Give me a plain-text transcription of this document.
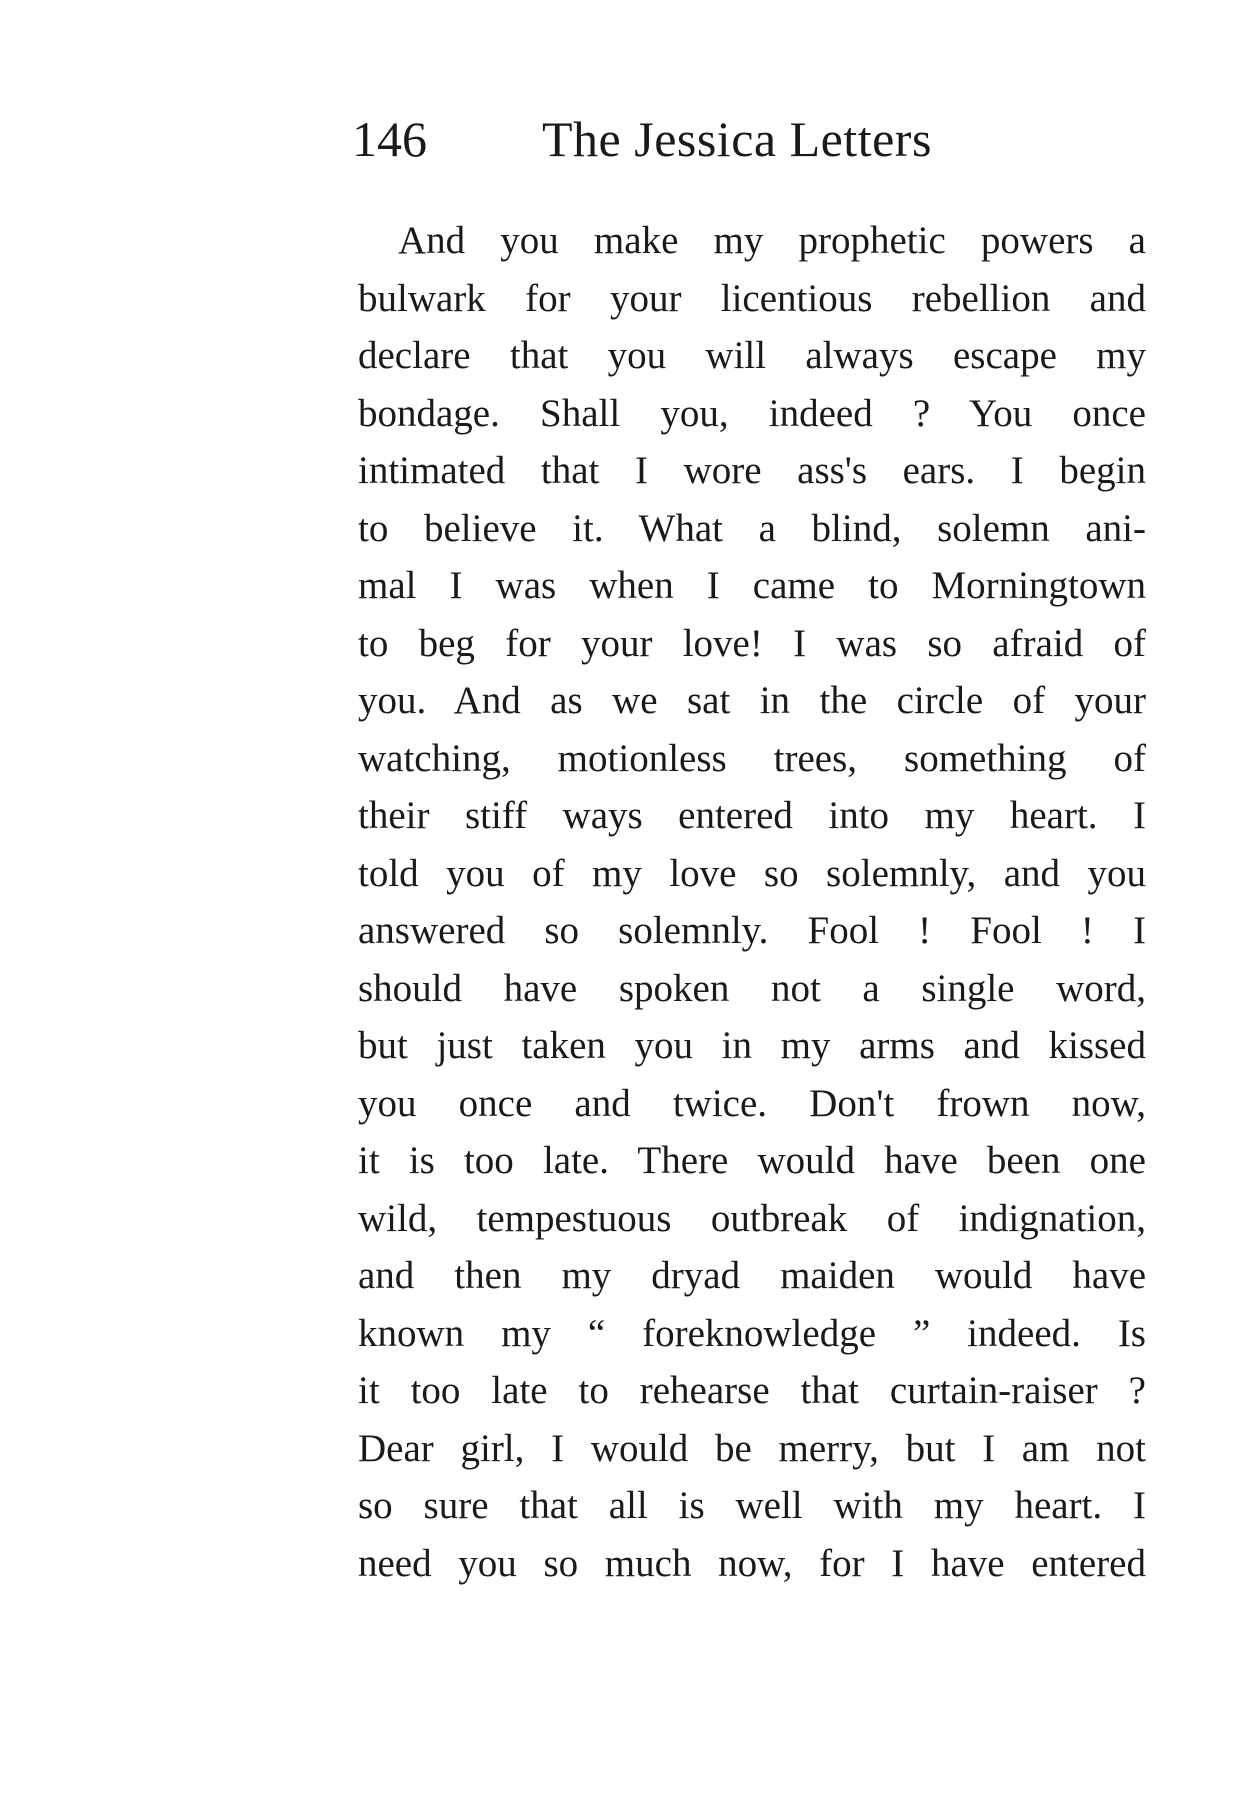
146 The Jessica Letters
And you make my prophetic powers a
bulwark for your licentious rebellion and
declare that you will always escape my
bondage. Shall you, indeed ? You once
intimated that I wore ass's ears. I begin
to believe it. What a blind, solemn ani-
mal I was when I came to Morningtown
to beg for your love! I was so afraid of
you. And as we sat in the circle of your
watching, motionless trees, something of
their stiff ways entered into my heart. I
told you of my love so solemnly, and you
answered so solemnly. Fool ! Fool ! I
should have spoken not a single word,
but just taken you in my arms and kissed
you once and twice. Don't frown now,
it is too late. There would have been one
wild, tempestuous outbreak of indignation,
and then my dryad maiden would have
known my “ foreknowledge ” indeed. Is
it too late to rehearse that curtain-raiser ?
Dear girl, I would be merry, but I am not
so sure that all is well with my heart. I
need you so much now, for I have entered
